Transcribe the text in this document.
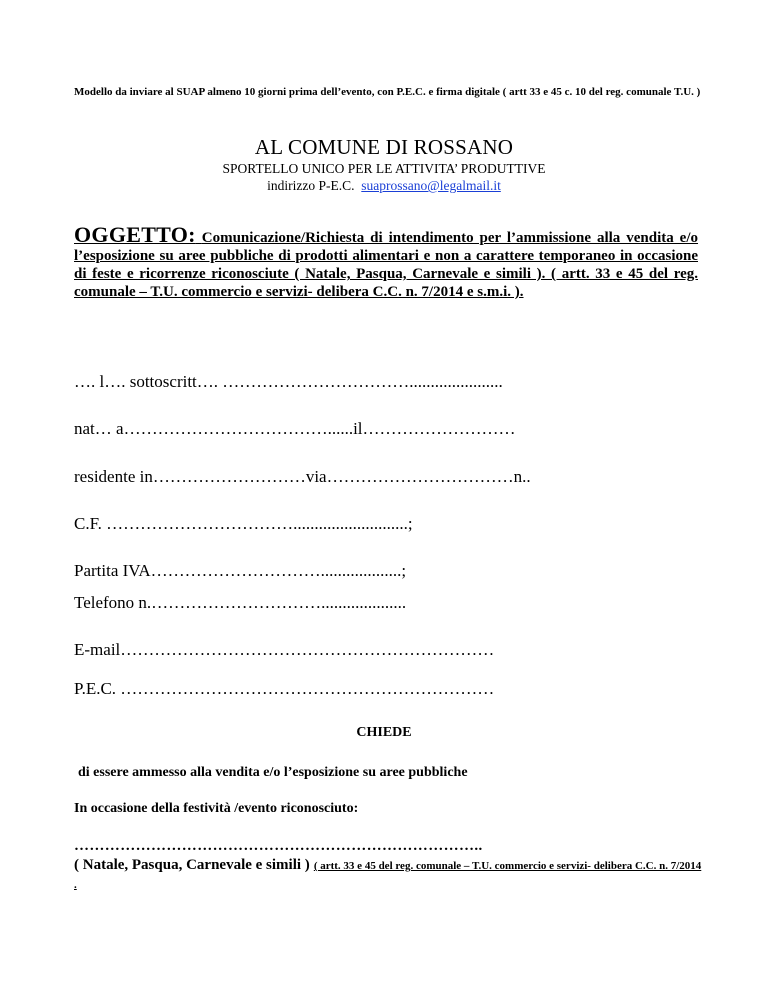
Modello da inviare al SUAP almeno 10 giorni prima dell’evento, con P.E.C. e firma digitale ( artt 33 e 45 c. 10 del reg. comunale T.U. )
AL COMUNE DI ROSSANO
SPORTELLO UNICO PER LE ATTIVITA’ PRODUTTIVE
indirizzo P-E.C. suaprossano@legalmail.it
OGGETTO: Comunicazione/Richiesta di intendimento per l’ammissione alla vendita e/o l’esposizione su aree pubbliche di prodotti alimentari e non a carattere temporaneo in occasione di feste e ricorrenze riconosciute ( Natale, Pasqua, Carnevale e simili ). ( artt. 33 e 45 del reg. comunale – T.U. commercio e servizi- delibera C.C. n. 7/2014 e s.m.i. ).
…. l…. sottoscritt…. ……………………………......................
nat… a………………………………......il………………………
residente in………………………via……………………………n..
C.F. ……………………………...........................;
Partita IVA…………………………...................;
Telefono n.…………………………....................
E-mail…………………………………………………………
P.E.C. …………………………………………………………
CHIEDE
di essere ammesso alla vendita e/o l’esposizione su aree pubbliche
In occasione della festività /evento riconosciuto:
……………………………………………………………………..
( Natale, Pasqua, Carnevale e simili ) ( artt. 33 e 45 del reg. comunale – T.U. commercio e servizi- delibera C.C. n. 7/2014 .
